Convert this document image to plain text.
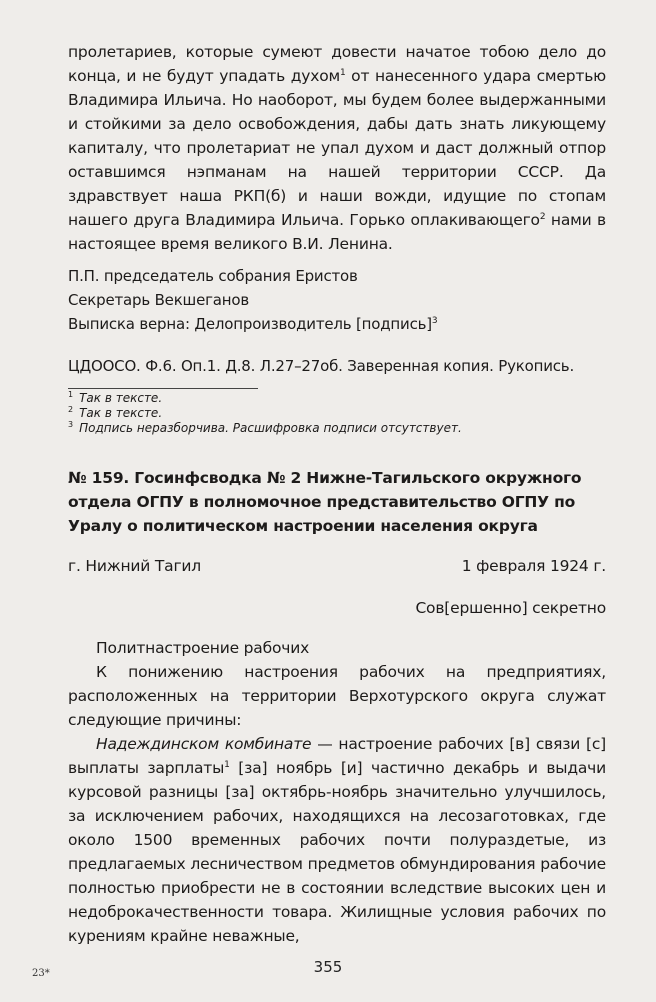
пролетариев, которые сумеют довести начатое тобою дело до конца, и не будут упадать духом$^1$ от нанесенного удара смертью Владимира Ильича. Но наоборот, мы будем более выдержанными и стойкими за дело освобождения, дабы дать знать ликующему капиталу, что пролетариат не упал духом и даст должный отпор оставшимся нэпманам на нашей территории СССР. Да здравствует наша РКП(б) и наши вожди, идущие по стопам нашего друга Владимира Ильича. Горько оплакивающего$^2$ нами в настоящее время великого В.И. Ленина.

П.П. председатель собрания Еристов

Секретарь Векшеганов

Выписка верна: Делопроизводитель [подпись]$^3$

ЦДООСО. Ф.6. Оп.1. Д.8. Л.27–27об. Заверенная копия. Рукопись.

$^1$ Так в тексте.

$^2$ Так в тексте.

$^3$ Подпись неразборчива. Расшифровка подписи отсутствует.

№ 159. Госинфсводка № 2 Нижне-Тагильского окружного отдела ОГПУ в полномочное представительство ОГПУ по Уралу о политическом настроении населения округа

г. Нижний Тагил	1 февраля 1924 г.

Сов[ершенно] секретно

Политнастроение рабочих

К понижению настроения рабочих на предприятиях, расположенных на территории Верхотурского округа служат следующие причины:

Надеждинском комбинате — настроение рабочих [в] связи [с] выплаты зарплаты$^1$ [за] ноябрь [и] частично декабрь и выдачи курсовой разницы [за] октябрь-ноябрь значительно улучшилось, за исключением рабочих, находящихся на лесозаготовках, где около 1500 временных рабочих почти полураздетые, из предлагаемых лесничеством предметов обмундирования рабочие полностью приобрести не в состоянии вследствие высоких цен и недоброкачественности товара. Жилищные условия рабочих по курениям крайне неважные,

23*	355
